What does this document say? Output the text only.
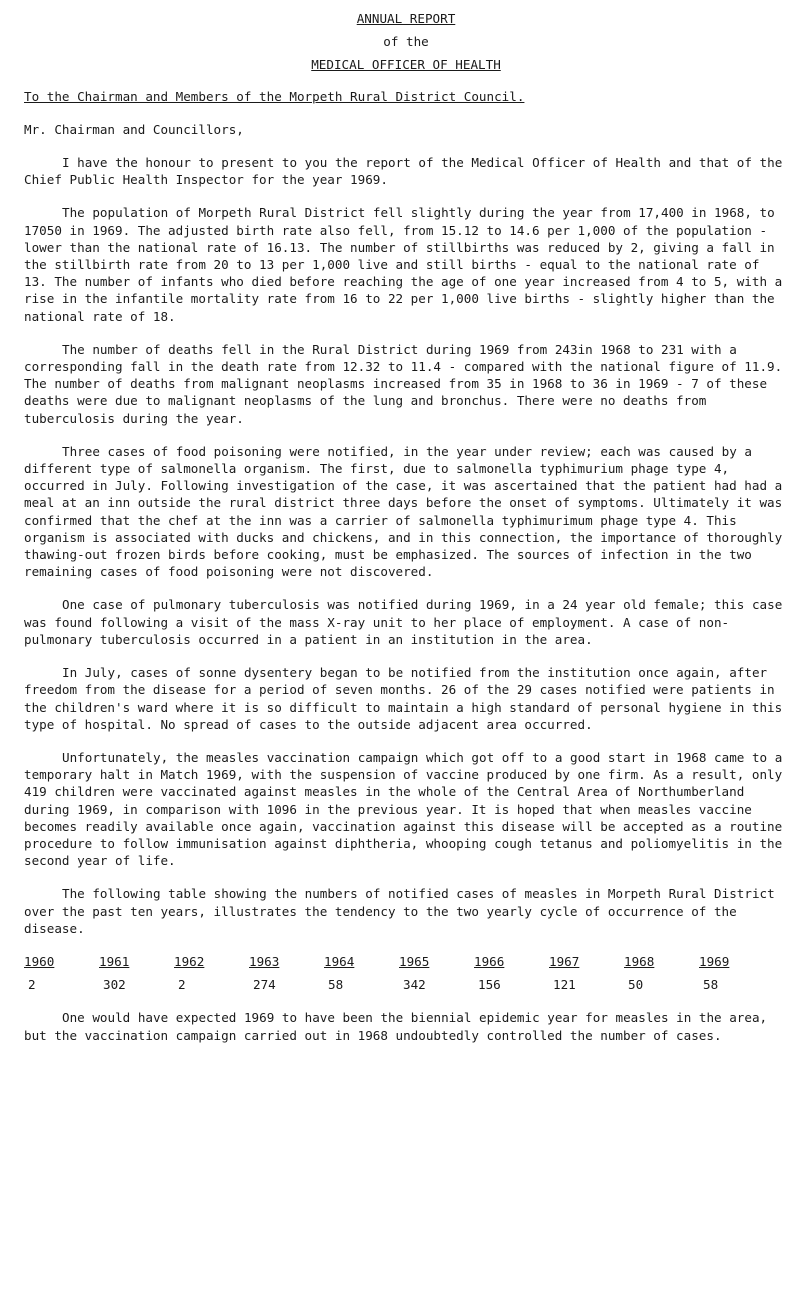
ANNUAL REPORT
of the
MEDICAL OFFICER OF HEALTH
To the Chairman and Members of the Morpeth Rural District Council.
Mr. Chairman and Councillors,

I have the honour to present to you the report of the Medical Officer of Health and that of the Chief Public Health Inspector for the year 1969.

The population of Morpeth Rural District fell slightly during the year from 17,400 in 1968, to 17050 in 1969. The adjusted birth rate also fell, from 15.12 to 14.6 per 1,000 of the population - lower than the national rate of 16.13. The number of stillbirths was reduced by 2, giving a fall in the stillbirth rate from 20 to 13 per 1,000 live and still births - equal to the national rate of 13. The number of infants who died before reaching the age of one year increased from 4 to 5, with a rise in the infantile mortality rate from 16 to 22 per 1,000 live births - slightly higher than the national rate of 18.

The number of deaths fell in the Rural District during 1969 from 243in 1968 to 231 with a corresponding fall in the death rate from 12.32 to 11.4 - compared with the national figure of 11.9. The number of deaths from malignant neoplasms increased from 35 in 1968 to 36 in 1969 - 7 of these deaths were due to malignant neoplasms of the lung and bronchus. There were no deaths from tuberculosis during the year.

Three cases of food poisoning were notified, in the year under review; each was caused by a different type of salmonella organism. The first, due to salmonella typhimurium phage type 4, occurred in July. Following investigation of the case, it was ascertained that the patient had had a meal at an inn outside the rural district three days before the onset of symptoms. Ultimately it was confirmed that the chef at the inn was a carrier of salmonella typhimurimum phage type 4. This organism is associated with ducks and chickens, and in this connection, the importance of thoroughly thawing-out frozen birds before cooking, must be emphasized. The sources of infection in the two remaining cases of food poisoning were not discovered.

One case of pulmonary tuberculosis was notified during 1969, in a 24 year old female; this case was found following a visit of the mass X-ray unit to her place of employment. A case of non-pulmonary tuberculosis occurred in a patient in an institution in the area.

In July, cases of sonne dysentery began to be notified from the institution once again, after freedom from the disease for a period of seven months. 26 of the 29 cases notified were patients in the children's ward where it is so difficult to maintain a high standard of personal hygiene in this type of hospital. No spread of cases to the outside adjacent area occurred.

Unfortunately, the measles vaccination campaign which got off to a good start in 1968 came to a temporary halt in Match 1969, with the suspension of vaccine produced by one firm. As a result, only 419 children were vaccinated against measles in the whole of the Central Area of Northumberland during 1969, in comparison with 1096 in the previous year. It is hoped that when measles vaccine becomes readily available once again, vaccination against this disease will be accepted as a routine procedure to follow immunisation against diphtheria, whooping cough tetanus and poliomyelitis in the second year of life.

The following table showing the numbers of notified cases of measles in Morpeth Rural District over the past ten years, illustrates the tendency to the two yearly cycle of occurrence of the disease.

1960	1961	1962	1963	1964	1965	1966	1967	1968	1969
2	302	2	274	58	342	156	121	50	58

One would have expected 1969 to have been the biennial epidemic year for measles in the area, but the vaccination campaign carried out in 1968 undoubtedly controlled the number of cases.
